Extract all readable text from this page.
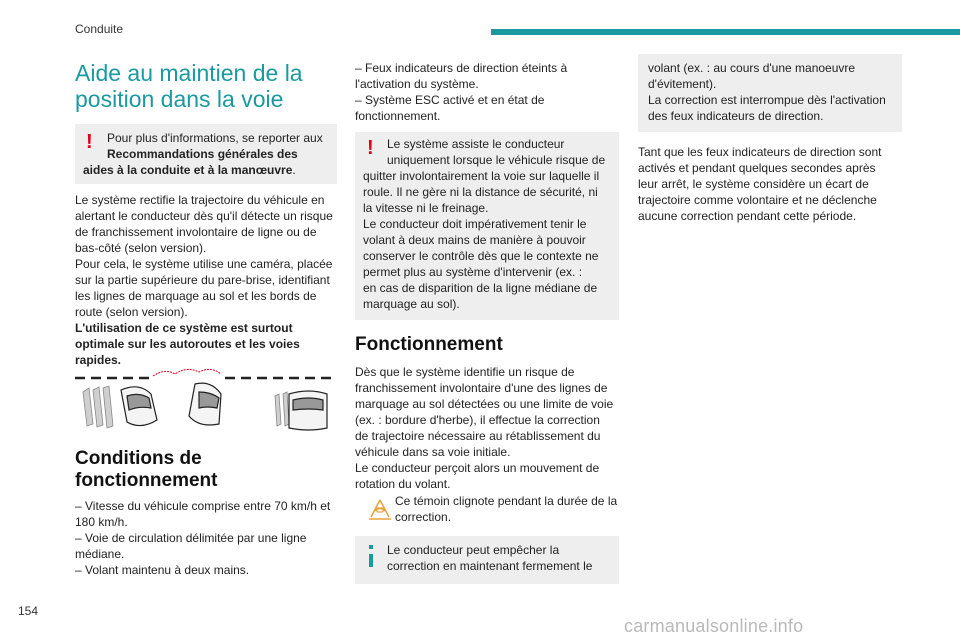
Conduite
Aide au maintien de la
position dans la voie
!	Pour plus d'informations, se reporter aux
Recommandations générales des
aides à la conduite et à la manœuvre.

Le système rectifie la trajectoire du véhicule en

alertant le conducteur dès qu'il détecte un risque

de franchissement involontaire de ligne ou de

bas-côté (selon version).

Pour cela, le système utilise une caméra, placée

sur la partie supérieure du pare-brise, identifiant

les lignes de marquage au sol et les bords de

route (selon version).

L'utilisation de ce système est surtout

optimale sur les autoroutes et les voies

rapides.

Conditions de
fonctionnement

– Vitesse du véhicule comprise entre 70 km/h et

180 km/h.

– Voie de circulation délimitée par une ligne

médiane.

– Volant maintenu à deux mains.

– Feux indicateurs de direction éteints à

l'activation du système.

– Système ESC activé et en état de

fonctionnement.

!	Le système assiste le conducteur
uniquement lorsque le véhicule risque de
quitter involontairement la voie sur laquelle il
roule. Il ne gère ni la distance de sécurité, ni
la vitesse ni le freinage.
Le conducteur doit impérativement tenir le
volant à deux mains de manière à pouvoir
conserver le contrôle dès que le contexte ne
permet plus au système d'intervenir (ex. :
en cas de disparition de la ligne médiane de
marquage au sol).
Fonctionnement

Dès que le système identifie un risque de

franchissement involontaire d'une des lignes de

marquage au sol détectées ou une limite de voie

(ex. : bordure d'herbe), il effectue la correction

de trajectoire nécessaire au rétablissement du

véhicule dans sa voie initiale.

Le conducteur perçoit alors un mouvement de

rotation du volant.

Ce témoin clignote pendant la durée de la
correction.
Le conducteur peut empêcher la
correction en maintenant fermement le
volant (ex. : au cours d'une manoeuvre
d'évitement).
La correction est interrompue dès l'activation
des feux indicateurs de direction.

Tant que les feux indicateurs de direction sont

activés et pendant quelques secondes après

leur arrêt, le système considère un écart de

trajectoire comme volontaire et ne déclenche

aucune correction pendant cette période.

154
carmanualsonline.info
